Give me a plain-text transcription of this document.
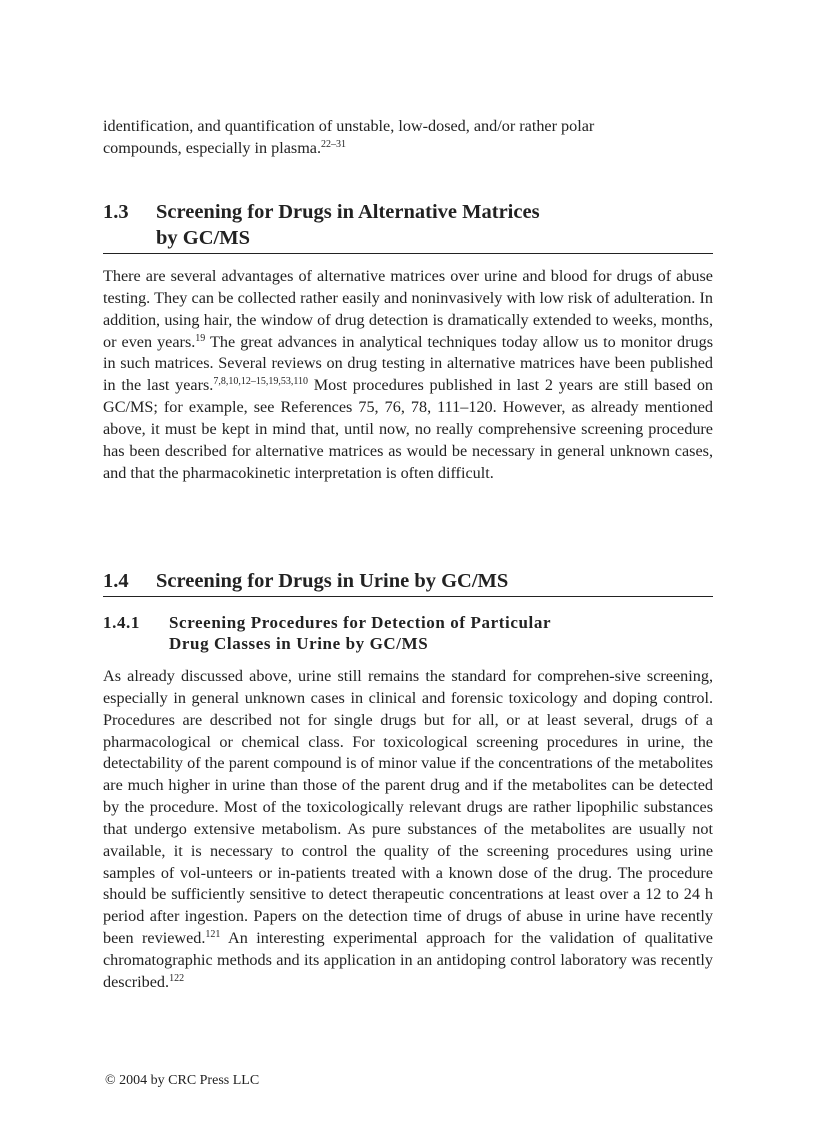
identification, and quantification of unstable, low-dosed, and/or rather polar
compounds, especially in plasma.$^{22-31}$

1.3 Screening for Drugs in Alternative Matrices
by GC/MS

There are several advantages of alternative matrices over urine and blood for drugs of abuse testing. They can be collected rather easily and noninvasively with low risk of adulteration. In addition, using hair, the window of drug detection is dramatically extended to weeks, months, or even years.$^{19}$ The great advances in analytical techniques today allow us to monitor drugs in such matrices. Several reviews on drug testing in alternative matrices have been published in the last years.$^{7,8,10,12-15,19,53,110}$ Most procedures published in last 2 years are still based on GC/MS; for example, see References 75, 76, 78, 111–120. However, as already mentioned above, it must be kept in mind that, until now, no really comprehensive screening procedure has been described for alternative matrices as would be necessary in general unknown cases, and that the pharmacokinetic interpretation is often difficult.

1.4 Screening for Drugs in Urine by GC/MS
1.4.1 Screening Procedures for Detection of Particular
Drug Classes in Urine by GC/MS

As already discussed above, urine still remains the standard for comprehen-sive screening, especially in general unknown cases in clinical and forensic toxicology and doping control. Procedures are described not for single drugs but for all, or at least several, drugs of a pharmacological or chemical class. For toxicological screening procedures in urine, the detectability of the parent compound is of minor value if the concentrations of the metabolites are much higher in urine than those of the parent drug and if the metabolites can be detected by the procedure. Most of the toxicologically relevant drugs are rather lipophilic substances that undergo extensive metabolism. As pure substances of the metabolites are usually not available, it is necessary to control the quality of the screening procedures using urine samples of vol-unteers or in-patients treated with a known dose of the drug. The procedure should be sufficiently sensitive to detect therapeutic concentrations at least over a 12 to 24 h period after ingestion. Papers on the detection time of drugs of abuse in urine have recently been reviewed.$^{121}$ An interesting experimental approach for the validation of qualitative chromatographic methods and its application in an antidoping control laboratory was recently described.$^{122}$

© 2004 by CRC Press LLC
